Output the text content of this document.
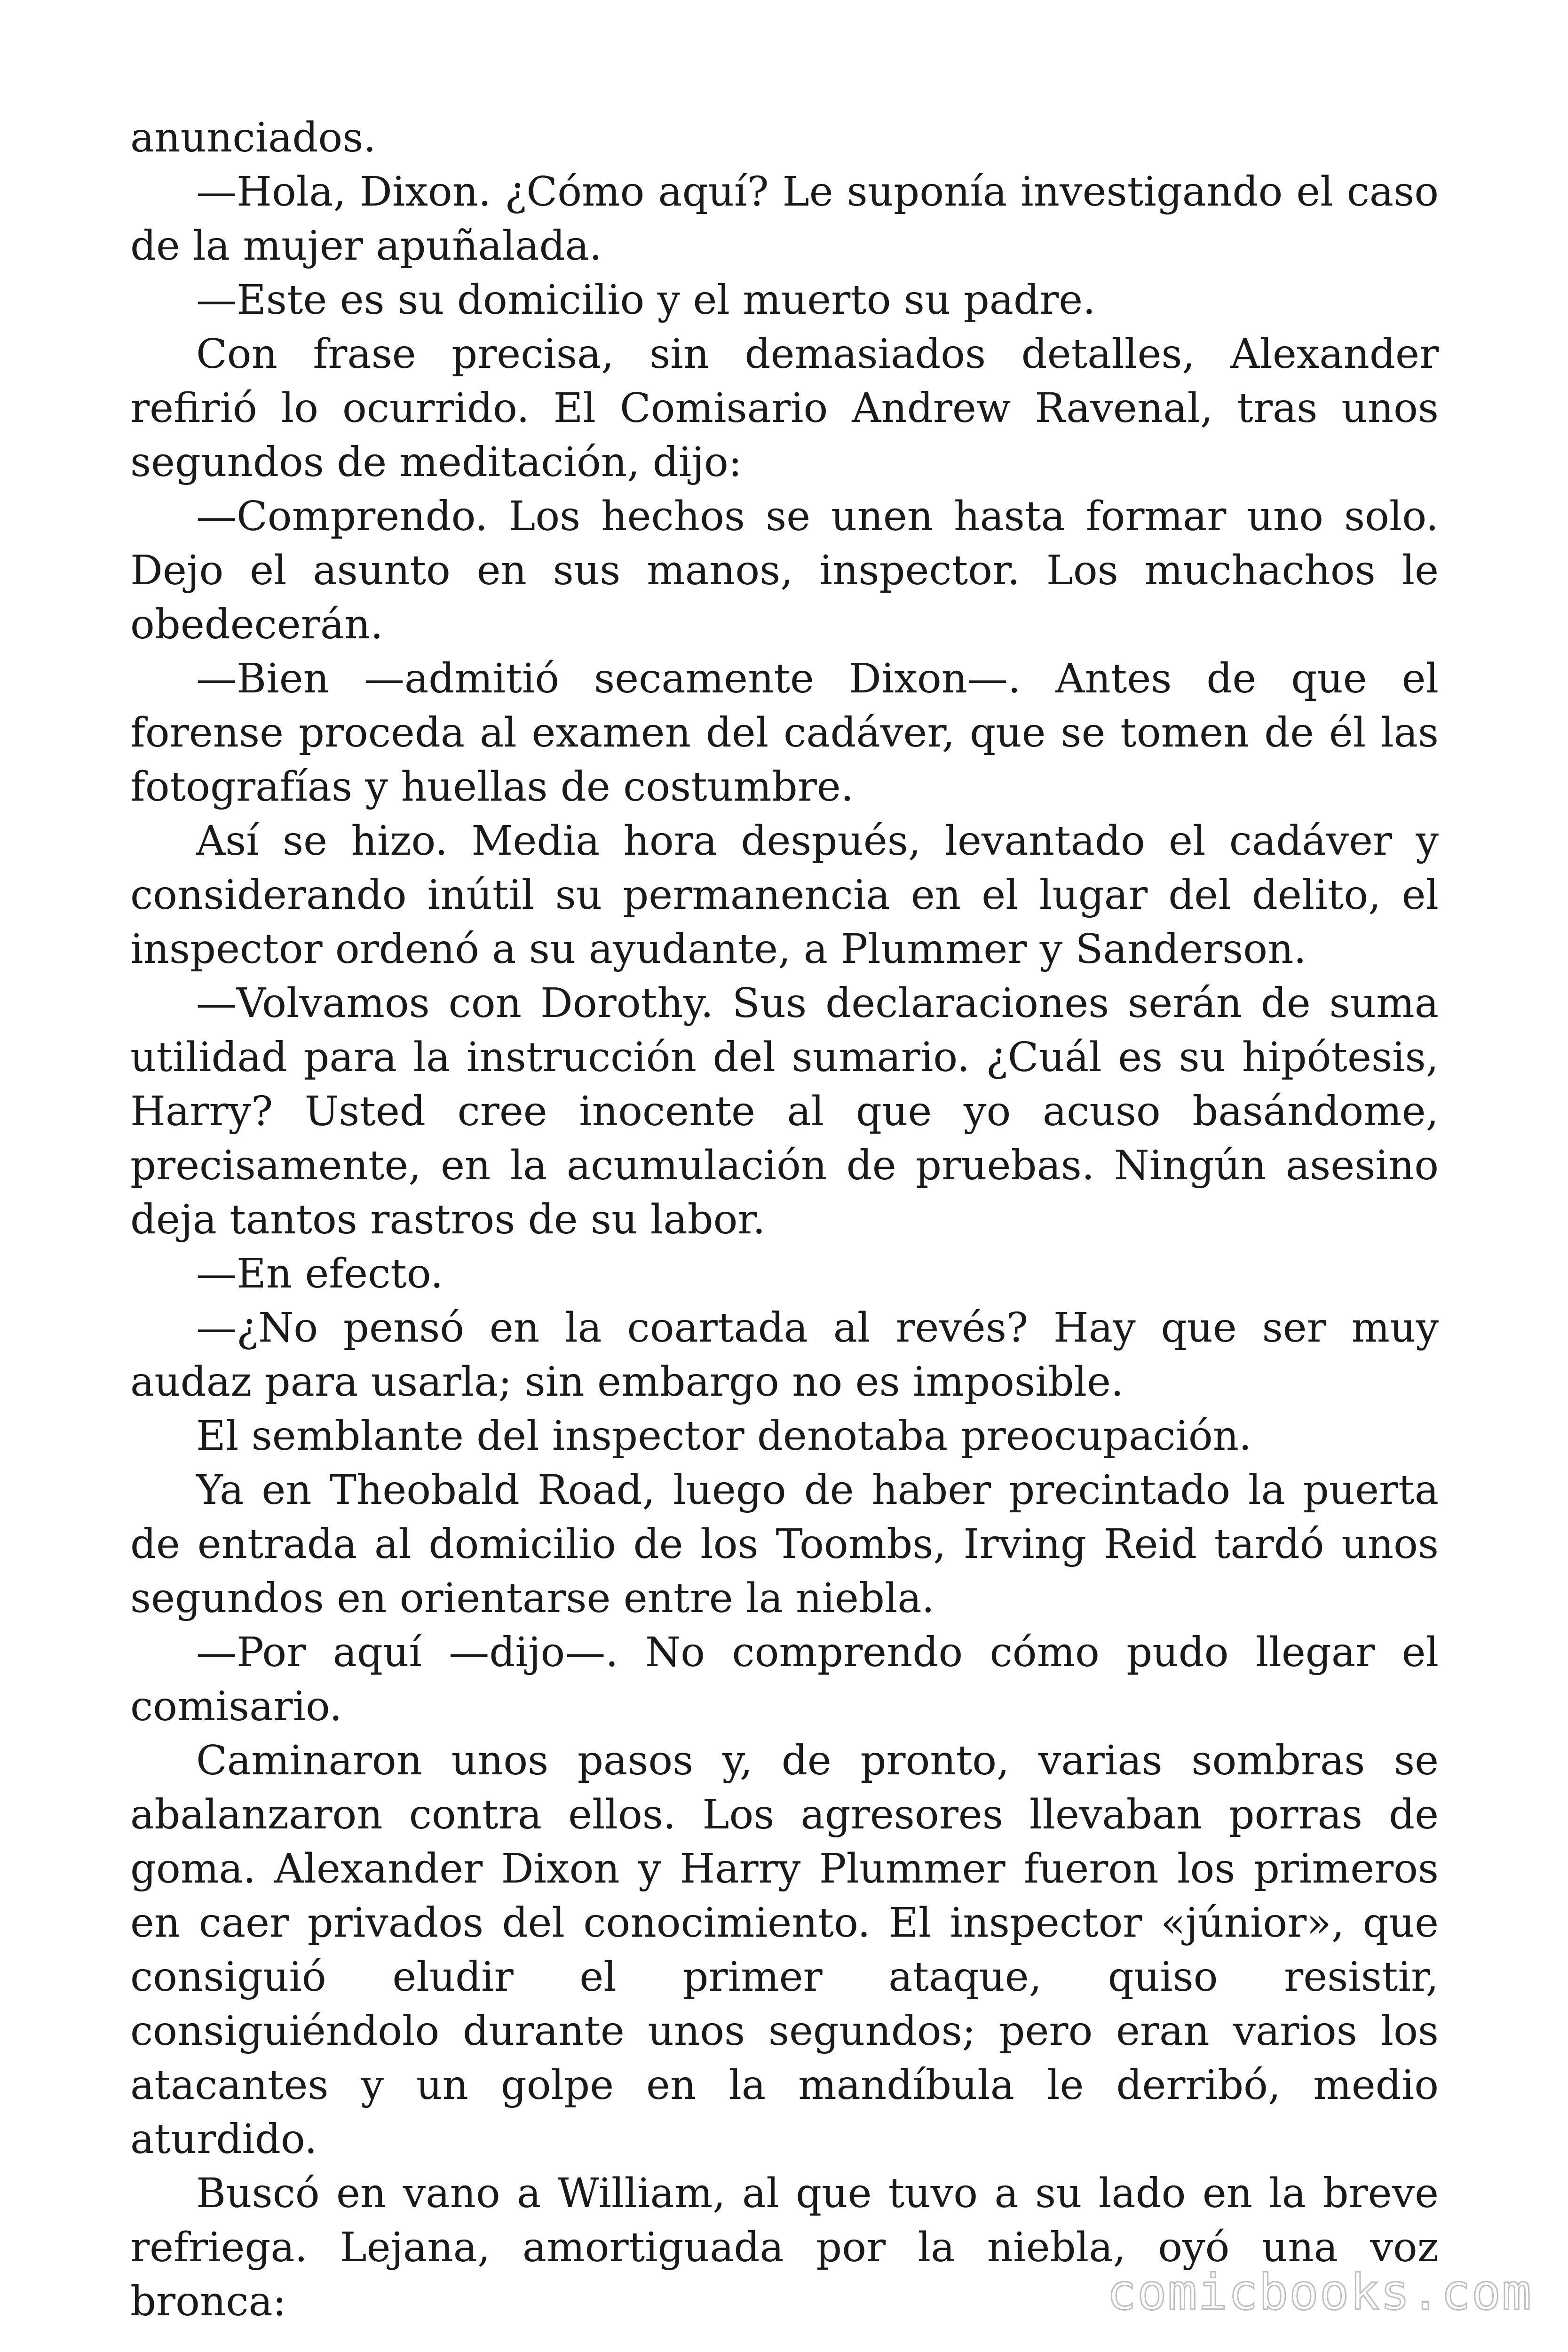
anunciados.

—Hola, Dixon. ¿Cómo aquí? Le suponía investigando el caso de la mujer apuñalada.

—Este es su domicilio y el muerto su padre.

Con frase precisa, sin demasiados detalles, Alexander refirió lo ocurrido. El Comisario Andrew Ravenal, tras unos segundos de meditación, dijo:

—Comprendo. Los hechos se unen hasta formar uno solo. Dejo el asunto en sus manos, inspector. Los muchachos le obedecerán.

—Bien —admitió secamente Dixon—. Antes de que el forense proceda al examen del cadáver, que se tomen de él las fotografías y huellas de costumbre.

Así se hizo. Media hora después, levantado el cadáver y considerando inútil su permanencia en el lugar del delito, el inspector ordenó a su ayudante, a Plummer y Sanderson.

—Volvamos con Dorothy. Sus declaraciones serán de suma utilidad para la instrucción del sumario. ¿Cuál es su hipótesis, Harry? Usted cree inocente al que yo acuso basándome, precisamente, en la acumulación de pruebas. Ningún asesino deja tantos rastros de su labor.

—En efecto.

—¿No pensó en la coartada al revés? Hay que ser muy audaz para usarla; sin embargo no es imposible.

El semblante del inspector denotaba preocupación.

Ya en Theobald Road, luego de haber precintado la puerta de entrada al domicilio de los Toombs, Irving Reid tardó unos segundos en orientarse entre la niebla.

—Por aquí —dijo—. No comprendo cómo pudo llegar el comisario.

Caminaron unos pasos y, de pronto, varias sombras se abalanzaron contra ellos. Los agresores llevaban porras de goma. Alexander Dixon y Harry Plummer fueron los primeros en caer privados del conocimiento. El inspector «júnior», que consiguió eludir el primer ataque, quiso resistir, consiguiéndolo durante unos segundos; pero eran varios los atacantes y un golpe en la mandíbula le derribó, medio aturdido.

Buscó en vano a William, al que tuvo a su lado en la breve refriega. Lejana, amortiguada por la niebla, oyó una voz bronca:	comicbooks.com
